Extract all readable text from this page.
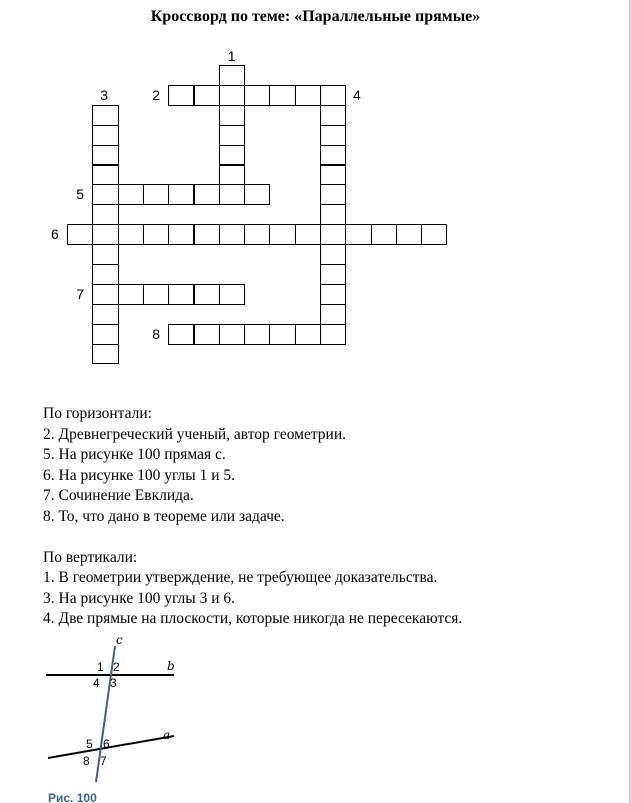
Кроссворд по теме: «Параллельные прямые»
1
2
3	4
5
6
7
8

По горизонтали:

2. Древнегреческий ученый, автор геометрии.

5. На рисунке 100 прямая с.

6. На рисунке 100 углы 1 и 5.

7. Сочинение Евклида.

8. То, что дано в теореме или задаче.

По вертикали:

1. В геометрии утверждение, не требующее доказательства.

3. На рисунке 100 углы 3 и 6.

4. Две прямые на плоскости, которые никогда не пересекаются.

c
b
a
1 2
4 3
5 6
8 7
Рис. 100
